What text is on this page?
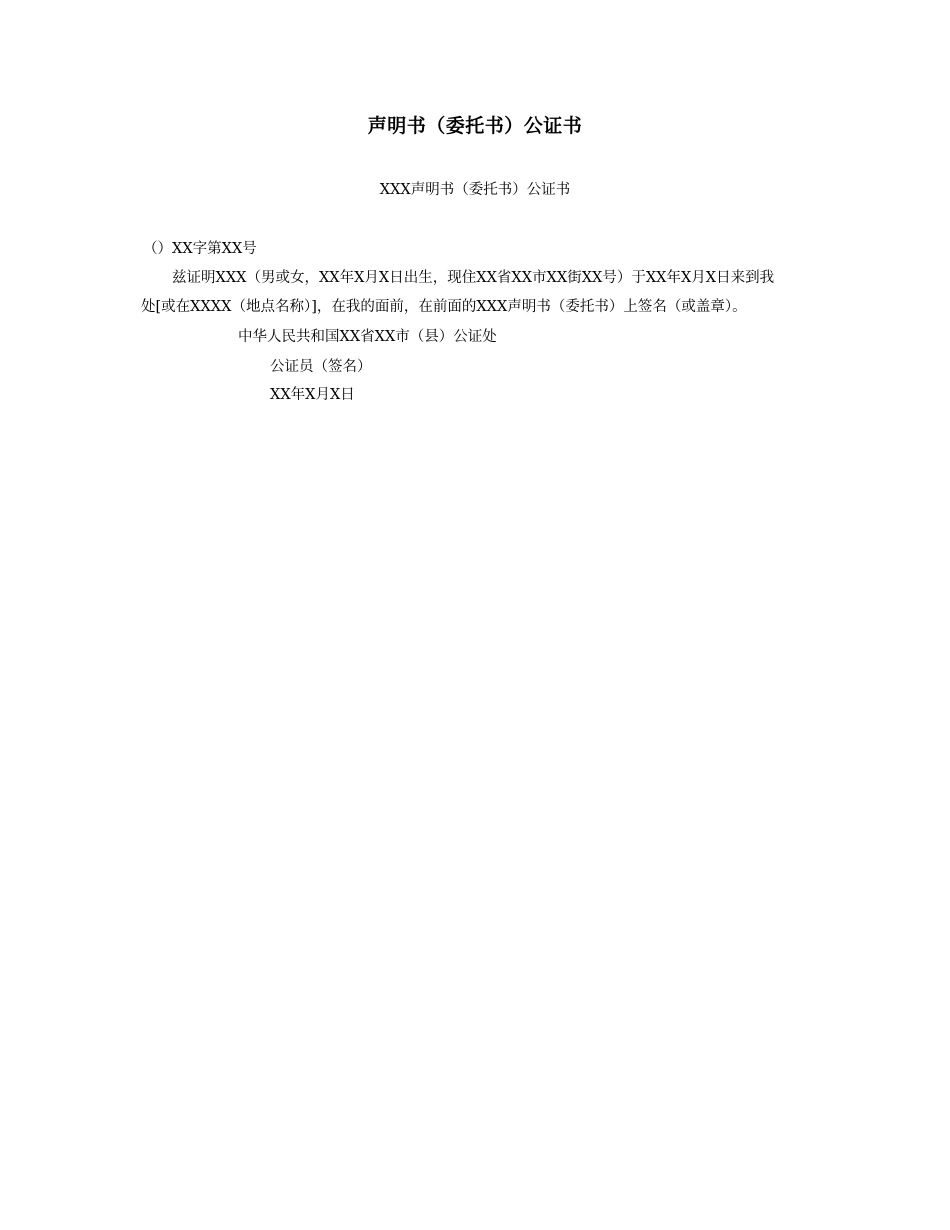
声明书（委托书）公证书
XXX声明书（委托书）公证书
（）XX字第XX号
兹证明XXX（男或女，XX年X月X日出生，现住XX省XX市XX街XX号）于XX年X月X日来到我
处[或在XXXX（地点名称）]，在我的面前，在前面的XXX声明书（委托书）上签名（或盖章）。
中华人民共和国XX省XX市（县）公证处
公证员（签名）
XX年X月X日
